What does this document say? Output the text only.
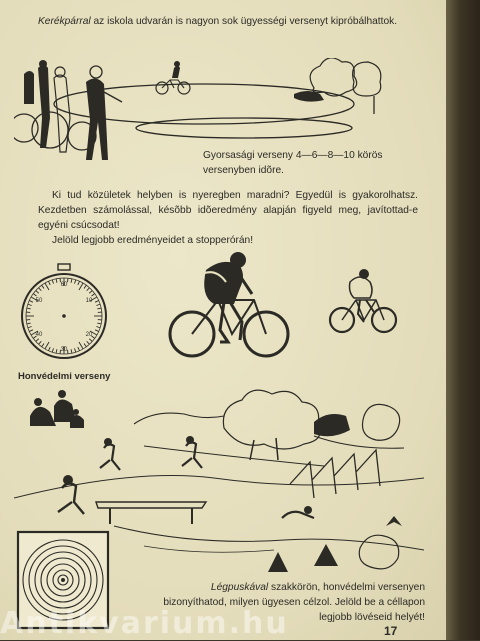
Kerékpárral az iskola udvarán is nagyon sok ügyességi versenyt kipróbálhattok.

Gyorsasági verseny 4—6—8—10 körös versenyben idõre.

Ki tud közületek helyben is nyeregben maradni? Egyedül is gyakorolhatsz. Kezdetben számolással, késõbb idõeredmény alapján figyeld meg, javítottad-e egyéni csúcsodat!

Jelöld legjobb eredményeidet a stopperórán!

60
10
20
30
40
50
Honvédelmi verseny

Légpuskával szakkörön, honvédelmi versenyen bizonyíthatod, milyen ügyesen célzol. Jelöld be a céllapon legjobb lövéseid helyét!

17
Antikvarium.hu
